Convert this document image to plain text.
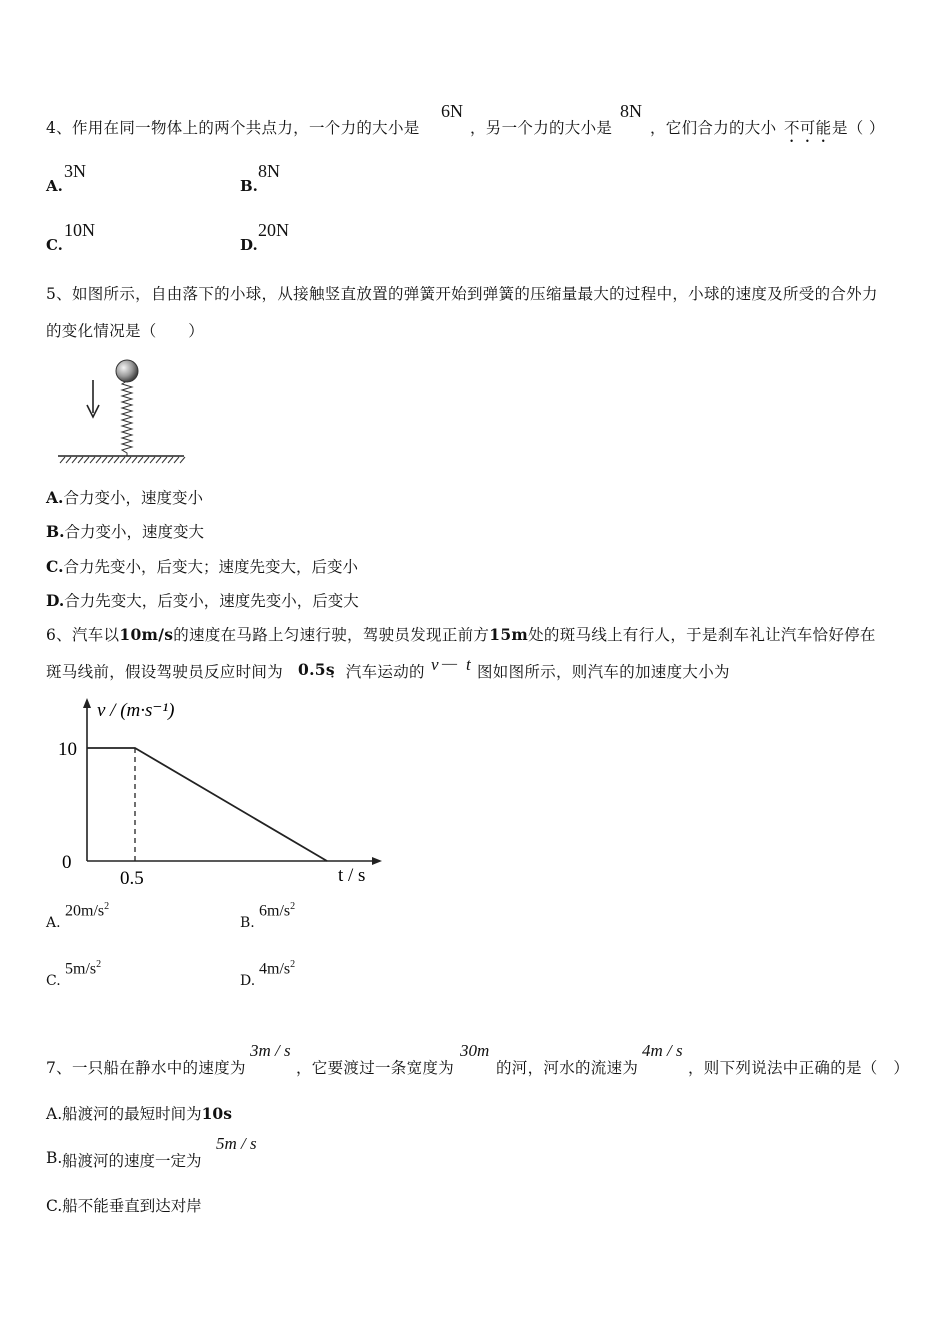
4、作用在同一物体上的两个共点力，一个力的大小是
6N
，另一个力的大小是
8N
，它们合力的大小 不可能 是（ ）
A.
3N
B.
8N
C.
10N
D.
20N
5、如图所示，自由落下的小球，从接触竖直放置的弹簧开始到弹簧的压缩量最大的过程中，小球的速度及所受的合外力
的变化情况是（　　）
A.合力变小，速度变小
B.合力变小，速度变大
C.合力先变小，后变大；速度先变大，后变小
D.合力先变大，后变小，速度先变小，后变大
6、汽车以10m/s的速度在马路上匀速行驶，驾驶员发现正前方15m处的斑马线上有行人，于是刹车礼让汽车恰好停在
斑马线前，假设驾驶员反应时间为 0.5s
．汽车运动的 v — t 图如图所示，则汽车的加速度大小为
v / (m·s⁻¹)
t / s
0
10
0.5
A.
$20m/s^2$
B.
$6m/s^2$
C.
$5m/s^2$
D.
$4m/s^2$
7、一只船在静水中的速度为
3m / s
，它要渡过一条宽度为
30m
的河，河水的流速为
4m / s
，则下列说法中正确的是（　）
A.船渡河的最短时间为10s
B. 船渡河的速度一定为
5m / s
C.船不能垂直到达对岸
